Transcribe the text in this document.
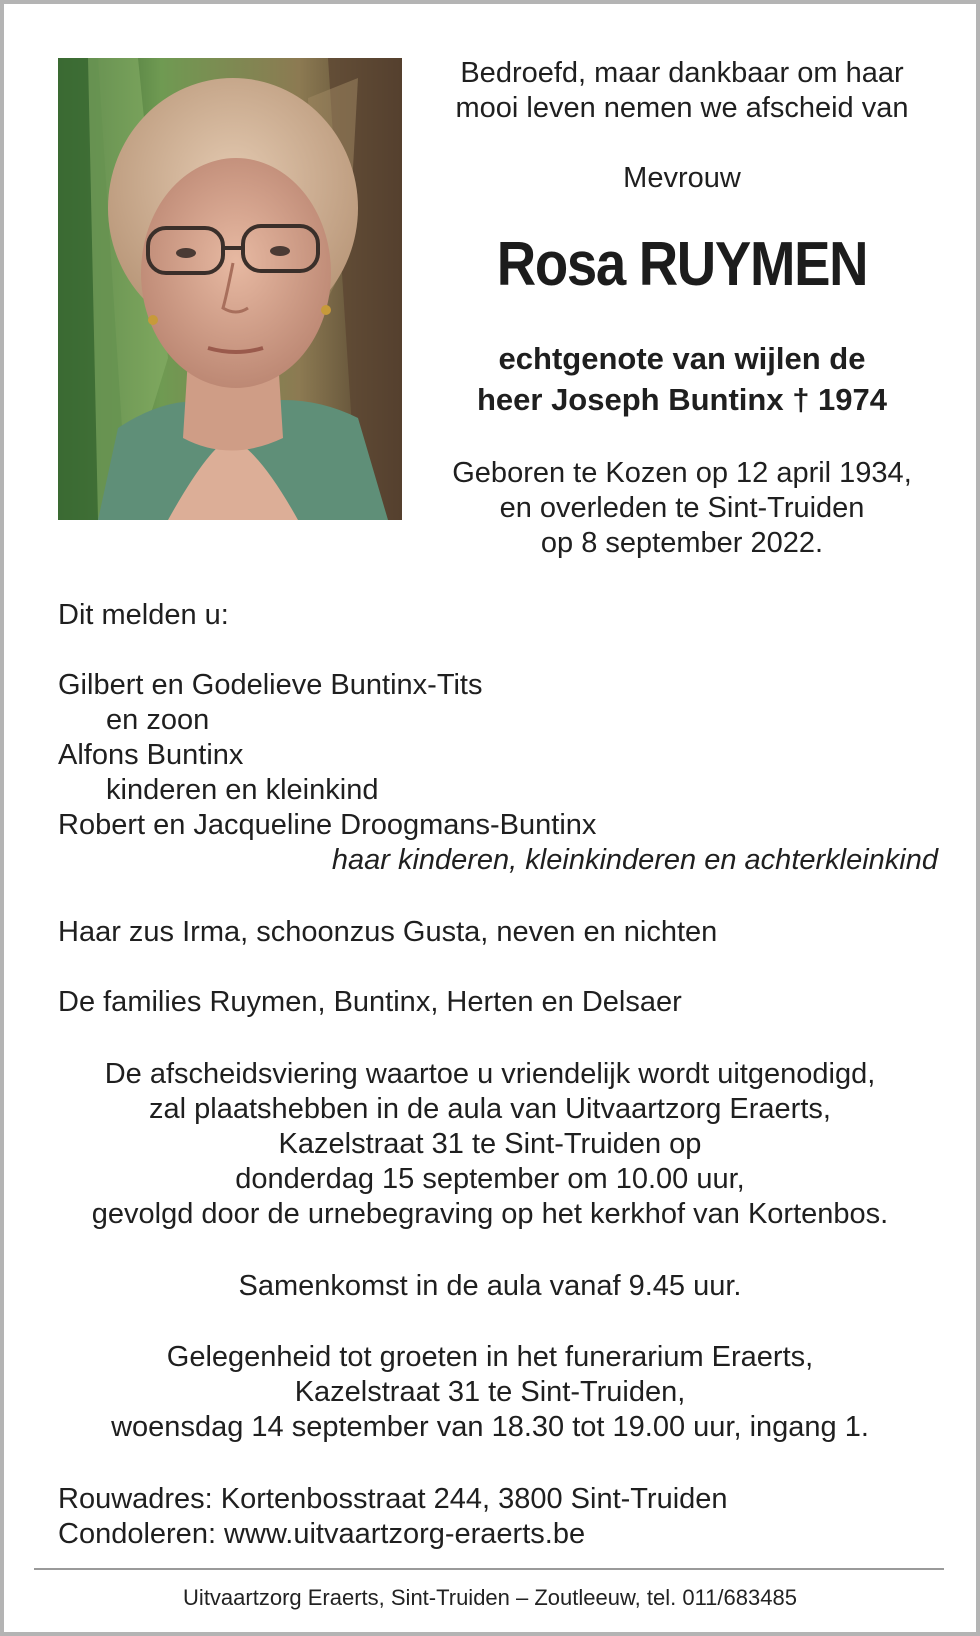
Bedroefd, maar dankbaar om haar
mooi leven nemen we afscheid van
Mevrouw
Rosa RUYMEN
echtgenote van wijlen de
heer Joseph Buntinx † 1974
Geboren te Kozen op 12 april 1934,
en overleden te Sint-Truiden
op 8 september 2022.
Dit melden u:
Gilbert en Godelieve Buntinx-Tits
en zoon
Alfons Buntinx
kinderen en kleinkind
Robert en Jacqueline Droogmans-Buntinx
haar kinderen, kleinkinderen en achterkleinkind
Haar zus Irma, schoonzus Gusta, neven en nichten
De families Ruymen, Buntinx, Herten en Delsaer
De afscheidsviering waartoe u vriendelijk wordt uitgenodigd,
zal plaatshebben in de aula van Uitvaartzorg Eraerts,
Kazelstraat 31 te Sint-Truiden op
donderdag 15 september om 10.00 uur,
gevolgd door de urnebegraving op het kerkhof van Kortenbos.
Samenkomst in de aula vanaf 9.45 uur.
Gelegenheid tot groeten in het funerarium Eraerts,
Kazelstraat 31 te Sint-Truiden,
woensdag 14 september van 18.30 tot 19.00 uur, ingang 1.
Rouwadres: Kortenbosstraat 244, 3800 Sint-Truiden
Condoleren: www.uitvaartzorg-eraerts.be
Uitvaartzorg Eraerts, Sint-Truiden – Zoutleeuw, tel. 011/683485
